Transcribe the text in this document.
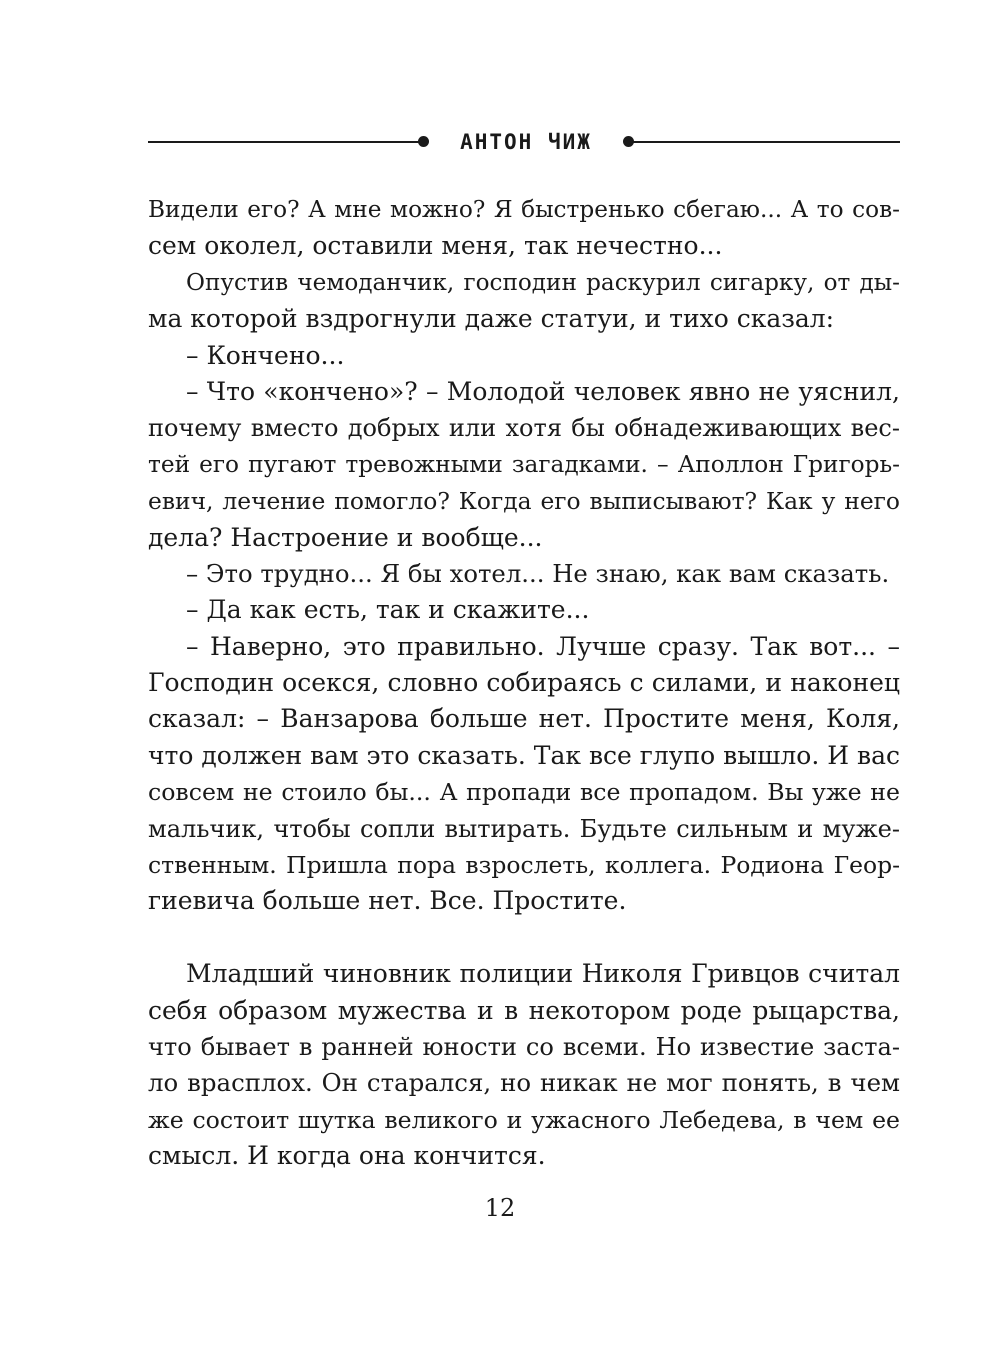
АНТОН ЧИЖ
Видели его? А мне можно? Я быстренько сбегаю... А то сов-
сем околел, оставили меня, так нечестно...
Опустив чемоданчик, господин раскурил сигарку, от ды-
ма которой вздрогнули даже статуи, и тихо сказал:
– Кончено...
– Что «кончено»? – Молодой человек явно не уяснил,
почему вместо добрых или хотя бы обнадеживающих вес-
тей его пугают тревожными загадками. – Аполлон Григорь-
евич, лечение помогло? Когда его выписывают? Как у него
дела? Настроение и вообще...
– Это трудно... Я бы хотел... Не знаю, как вам сказать.
– Да как есть, так и скажите...
– Наверно, это правильно. Лучше сразу. Так вот... –
Господин осекся, словно собираясь с силами, и наконец
сказал: – Ванзарова больше нет. Простите меня, Коля,
что должен вам это сказать. Так все глупо вышло. И вас
совсем не стоило бы... А пропади все пропадом. Вы уже не
мальчик, чтобы сопли вытирать. Будьте сильным и муже-
ственным. Пришла пора взрослеть, коллега. Родиона Геор-
гиевича больше нет. Все. Простите.
Младший чиновник полиции Николя Гривцов считал
себя образом мужества и в некотором роде рыцарства,
что бывает в ранней юности со всеми. Но известие заста-
ло врасплох. Он старался, но никак не мог понять, в чем
же состоит шутка великого и ужасного Лебедева, в чем ее
смысл. И когда она кончится.
12
